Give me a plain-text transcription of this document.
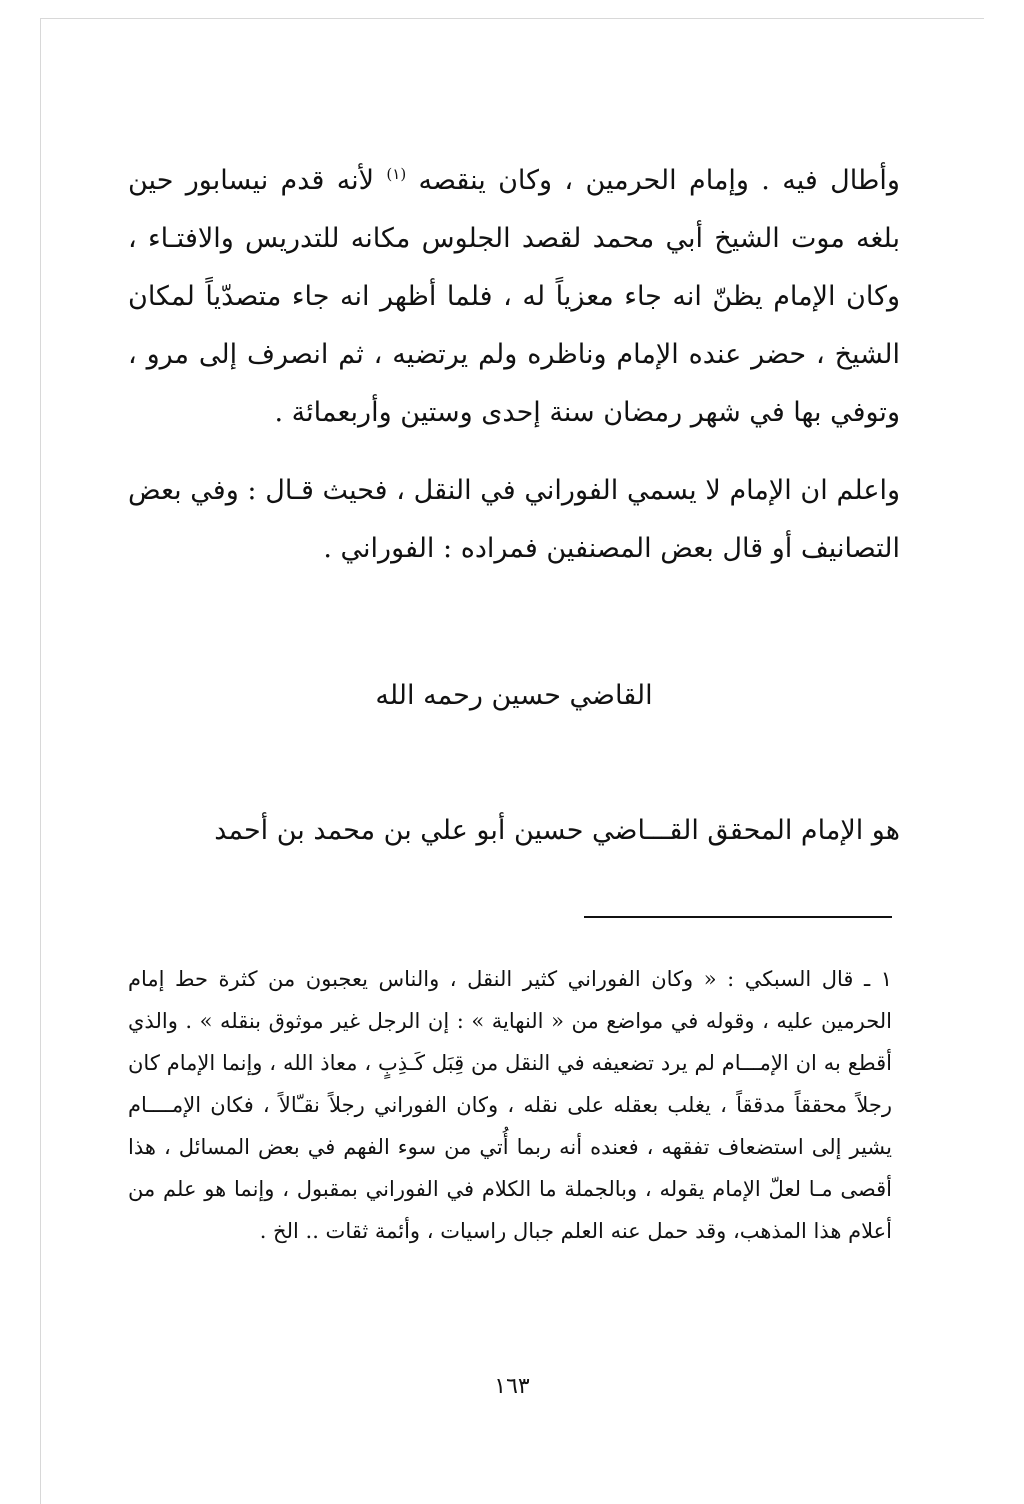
وأطال فيه . وإمام الحرمين ، وكان ينقصه $^{(١)}$ لأنه قدم نيسابور حين بلغه موت الشيخ أبي محمد لقصد الجلوس مكانه للتدريس والافتـاء ، وكان الإمام يظنّ انه جاء معزياً له ، فلما أظهر انه جاء متصدّياً لمكان الشيخ ، حضر عنده الإمام وناظره ولم يرتضيه ، ثم انصرف إلى مرو ، وتوفي بها في شهر رمضان سنة إحدى وستين وأربعمائة .

واعلم ان الإمام لا يسمي الفوراني في النقل ، فحيث قـال : وفي بعض التصانيف أو قال بعض المصنفين فمراده : الفوراني .

القاضي حسين رحمه الله

هو الإمام المحقق القـــاضي حسين أبو علي بن محمد بن أحمد

١ ـ قال السبكي : « وكان الفوراني كثير النقل ، والناس يعجبون من كثرة حط إمام الحرمين عليه ، وقوله في مواضع من « النهاية » : إن الرجل غير موثوق بنقله » . والذي أقطع به ان الإمـــام لم يرد تضعيفه في النقل من قِبَل كَـذِبٍ ، معاذ الله ، وإنما الإمام كان رجلاً محققاً مدققاً ، يغلب بعقله على نقله ، وكان الفوراني رجلاً نقـّالاً ، فكان الإمــــام يشير إلى استضعاف تفقهه ، فعنده أنه ربما أُتي من سوء الفهم في بعض المسائل ، هذا أقصى مـا لعلّ الإمام يقوله ، وبالجملة ما الكلام في الفوراني بمقبول ، وإنما هو علم من أعلام هذا المذهب، وقد حمل عنه العلم جبال راسيات ، وأئمة ثقات .. الخ .

١٦٣
